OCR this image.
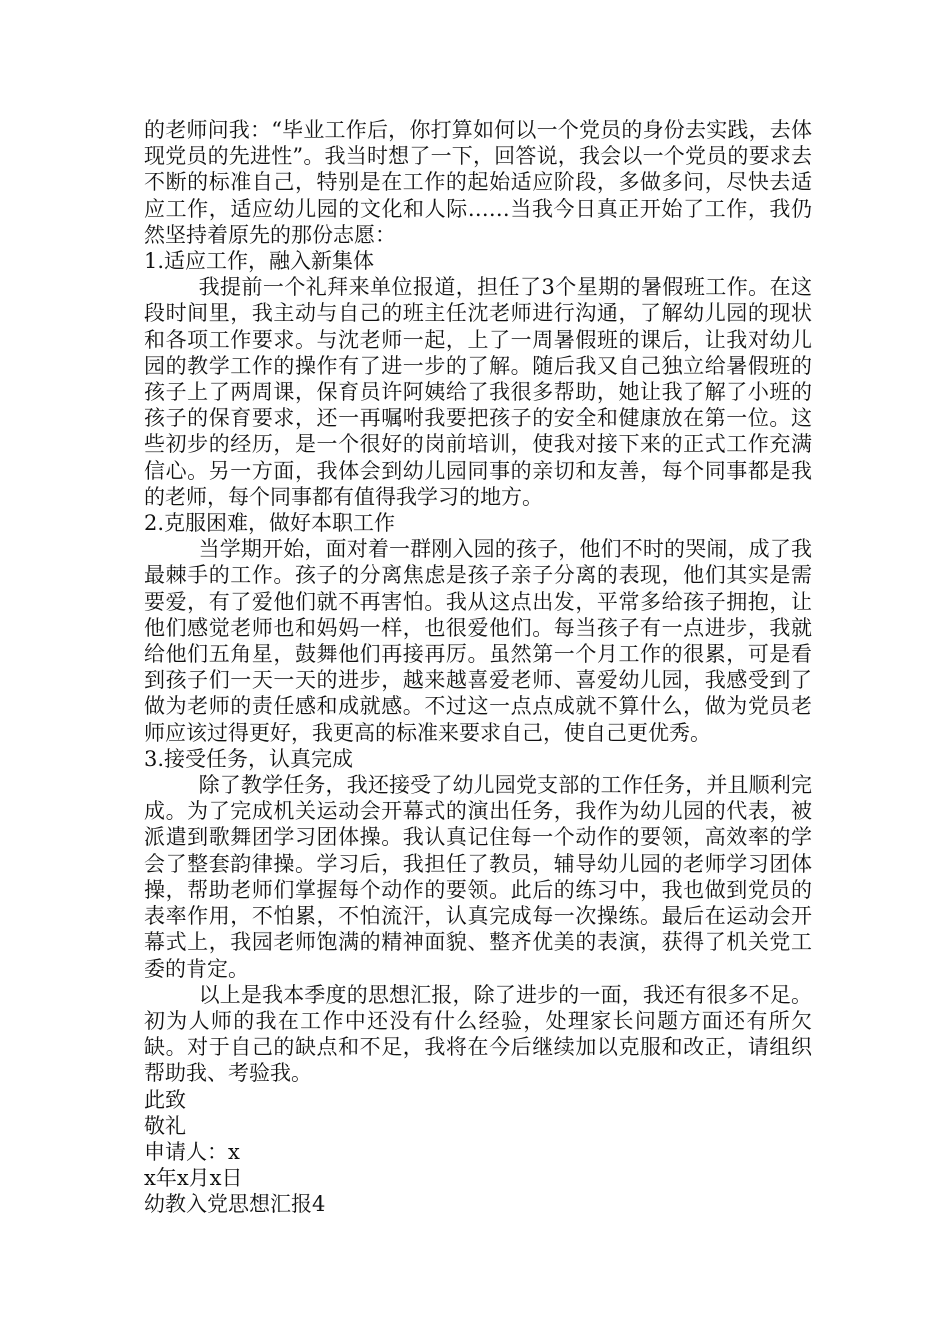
的老师问我：“毕业工作后，你打算如何以一个党员的身份去实践，去体现党员的先进性”。我当时想了一下，回答说，我会以一个党员的要求去不断的标准自己，特别是在工作的起始适应阶段，多做多问，尽快去适应工作，适应幼儿园的文化和人际……当我今日真正开始了工作，我仍然坚持着原先的那份志愿：

1.适应工作，融入新集体

我提前一个礼拜来单位报道，担任了3个星期的暑假班工作。在这段时间里，我主动与自己的班主任沈老师进行沟通，了解幼儿园的现状和各项工作要求。与沈老师一起，上了一周暑假班的课后，让我对幼儿园的教学工作的操作有了进一步的了解。随后我又自己独立给暑假班的孩子上了两周课，保育员许阿姨给了我很多帮助，她让我了解了小班的孩子的保育要求，还一再嘱咐我要把孩子的安全和健康放在第一位。这些初步的经历，是一个很好的岗前培训，使我对接下来的正式工作充满信心。另一方面，我体会到幼儿园同事的亲切和友善，每个同事都是我的老师，每个同事都有值得我学习的地方。

2.克服困难，做好本职工作

当学期开始，面对着一群刚入园的孩子，他们不时的哭闹，成了我最棘手的工作。孩子的分离焦虑是孩子亲子分离的表现，他们其实是需要爱，有了爱他们就不再害怕。我从这点出发，平常多给孩子拥抱，让他们感觉老师也和妈妈一样，也很爱他们。每当孩子有一点进步，我就给他们五角星，鼓舞他们再接再厉。虽然第一个月工作的很累，可是看到孩子们一天一天的进步，越来越喜爱老师、喜爱幼儿园，我感受到了做为老师的责任感和成就感。不过这一点点成就不算什么，做为党员老师应该过得更好，我更高的标准来要求自己，使自己更优秀。

3.接受任务，认真完成

除了教学任务，我还接受了幼儿园党支部的工作任务，并且顺利完成。为了完成机关运动会开幕式的演出任务，我作为幼儿园的代表，被派遣到歌舞团学习团体操。我认真记住每一个动作的要领，高效率的学会了整套韵律操。学习后，我担任了教员，辅导幼儿园的老师学习团体操，帮助老师们掌握每个动作的要领。此后的练习中，我也做到党员的表率作用，不怕累，不怕流汗，认真完成每一次操练。最后在运动会开幕式上，我园老师饱满的精神面貌、整齐优美的表演，获得了机关党工委的肯定。

以上是我本季度的思想汇报，除了进步的一面，我还有很多不足。初为人师的我在工作中还没有什么经验，处理家长问题方面还有所欠缺。对于自己的缺点和不足，我将在今后继续加以克服和改正，请组织帮助我、考验我。

此致

敬礼

申请人：x

x年x月x日

幼教入党思想汇报4
